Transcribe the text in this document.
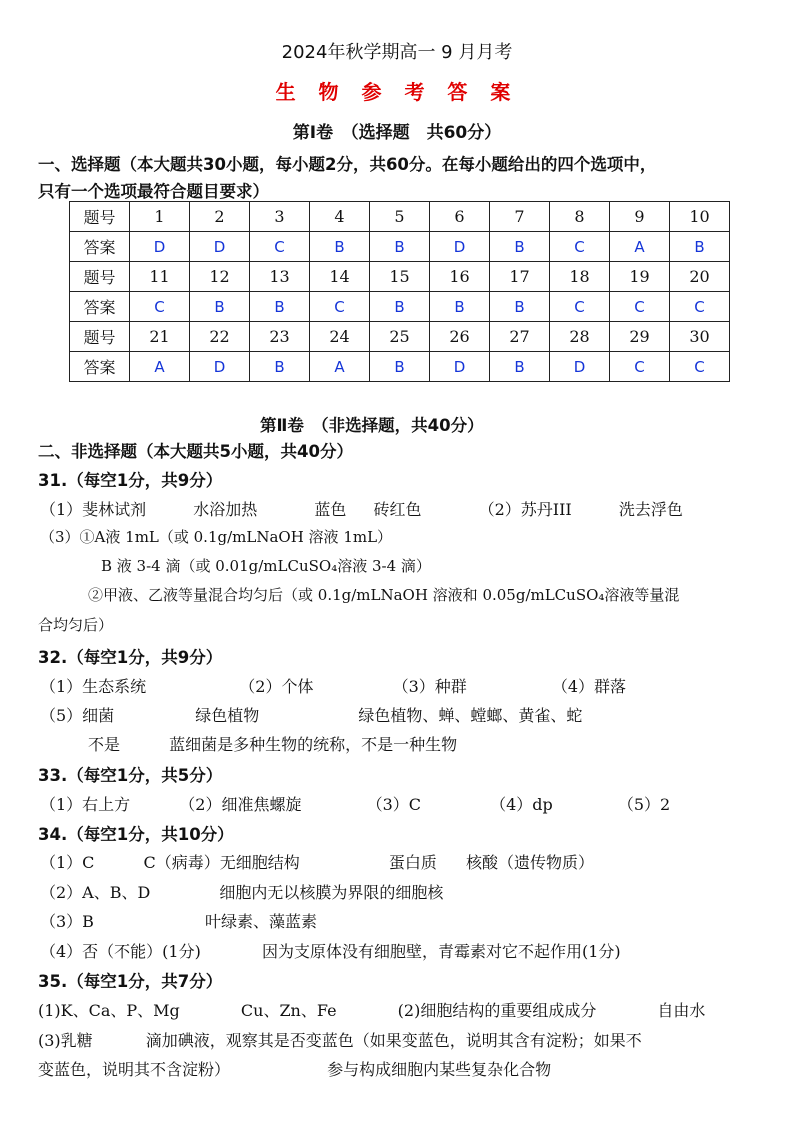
2024年秋学期高一 9 月月考
生 物 参 考 答 案
第Ⅰ卷　（选择题　共60分）
一、选择题（本大题共30小题，每小题2分，共60分。在每小题给出的四个选项中，
只有一个选项最符合题目要求）
题号	1	2	3	4	5	6	7	8	9	10
答案	D	D	C	B	B	D	B	C	A	B
题号	11	12	13	14	15	16	17	18	19	20
答案	C	B	B	C	B	B	B	C	C	C
题号	21	22	23	24	25	26	27	28	29	30
答案	A	D	B	A	B	D	B	D	C	C
第Ⅱ卷　（非选择题，共40分）
二、非选择题（本大题共5小题，共40分）
31.（每空1分，共9分）
（1）斐林试剂	水浴加热	蓝色 砖红色	（2）苏丹III	洗去浮色
（3）①A液 1mL（或 0.1g/mLNaOH 溶液 1mL）
B 液 3-4 滴（或 0.01g/mLCuSO₄溶液 3-4 滴）
②甲液、乙液等量混合均匀后（或 0.1g/mLNaOH 溶液和 0.05g/mLCuSO₄溶液等量混
合均匀后）
32.（每空1分，共9分）
（1）生态系统	（2）个体	（3）种群	（4）群落
（5）细菌	绿色植物	绿色植物、蝉、螳螂、黄雀、蛇
不是	蓝细菌是多种生物的统称，不是一种生物
33.（每空1分，共5分）
（1）右上方	（2）细准焦螺旋	（3）C	（4）dp	（5）2
34.（每空1分，共10分）
（1）C	C（病毒）无细胞结构	蛋白质 核酸（遗传物质）
（2）A、B、D	细胞内无以核膜为界限的细胞核
（3）B	叶绿素、藻蓝素
（4）否（不能）(1分)	因为支原体没有细胞壁，青霉素对它不起作用(1分)
35.（每空1分，共7分）
(1)K、Ca、P、Mg	Cu、Zn、Fe	(2)细胞结构的重要组成成分	自由水
(3)乳糖	滴加碘液，观察其是否变蓝色（如果变蓝色，说明其含有淀粉；如果不
变蓝色，说明其不含淀粉）	参与构成细胞内某些复杂化合物
